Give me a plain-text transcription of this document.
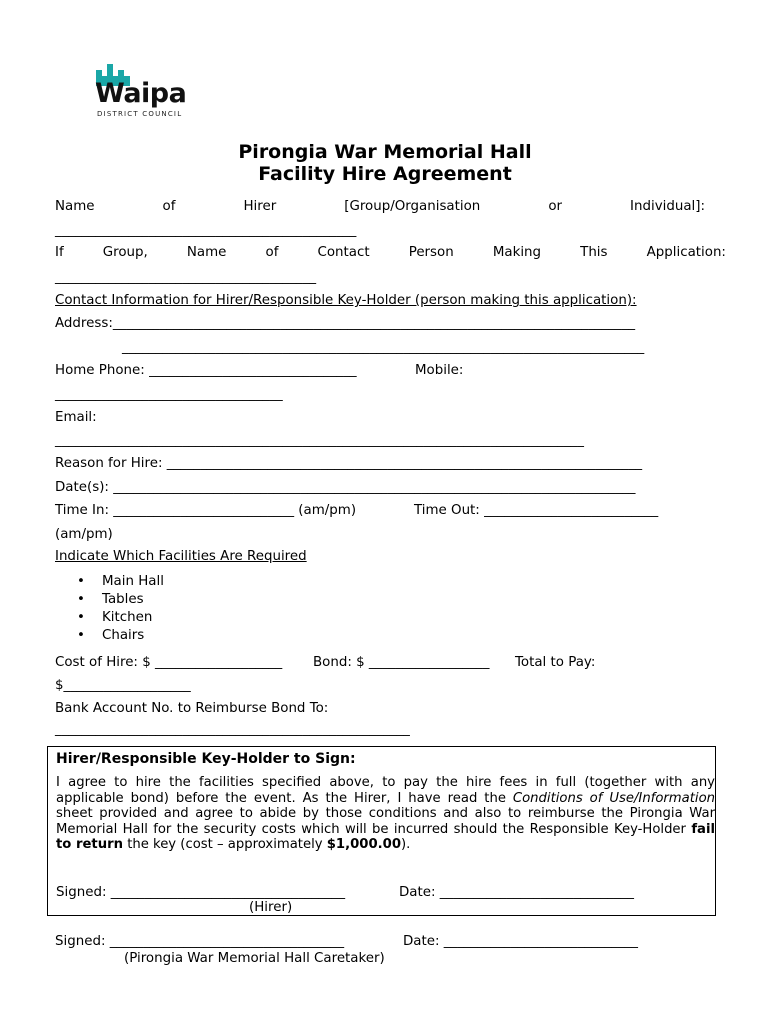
Waipa
DISTRICT COUNCIL
Pirongia War Memorial Hall
Facility Hire Agreement
Name	of	Hirer	[Group/Organisation	or	Individual]:
_____________________________________________
If	Group,	Name	of	Contact	Person	Making	This	Application:
_______________________________________
Contact Information for Hirer/Responsible Key-Holder (person making this application):
Address:______________________________________________________________________________
______________________________________________________________________________
Home Phone: _______________________________	Mobile:
__________________________________
Email:
_______________________________________________________________________________
Reason for Hire: _______________________________________________________________________
Date(s): ______________________________________________________________________________
Time In: ___________________________ (am/pm)	Time Out: __________________________
(am/pm)
Indicate Which Facilities Are Required
• Main Hall
• Tables
• Kitchen
• Chairs
Cost of Hire: $ ___________________ Bond: $ __________________ Total to Pay:
$___________________
Bank Account No. to Reimburse Bond To:
_____________________________________________________
Hirer/Responsible Key-Holder to Sign:
I agree to hire the facilities specified above, to pay the hire fees in full (together with any applicable bond) before the event. As the Hirer, I have read the Conditions of Use/Information sheet provided and agree to abide by those conditions and also to reimburse the Pirongia War Memorial Hall for the security costs which will be incurred should the Responsible Key-Holder fail to return the key (cost – approximately $1,000.00).
Signed: ___________________________________	Date: _____________________________
(Hirer)
Signed: ___________________________________	Date: _____________________________
(Pirongia War Memorial Hall Caretaker)
